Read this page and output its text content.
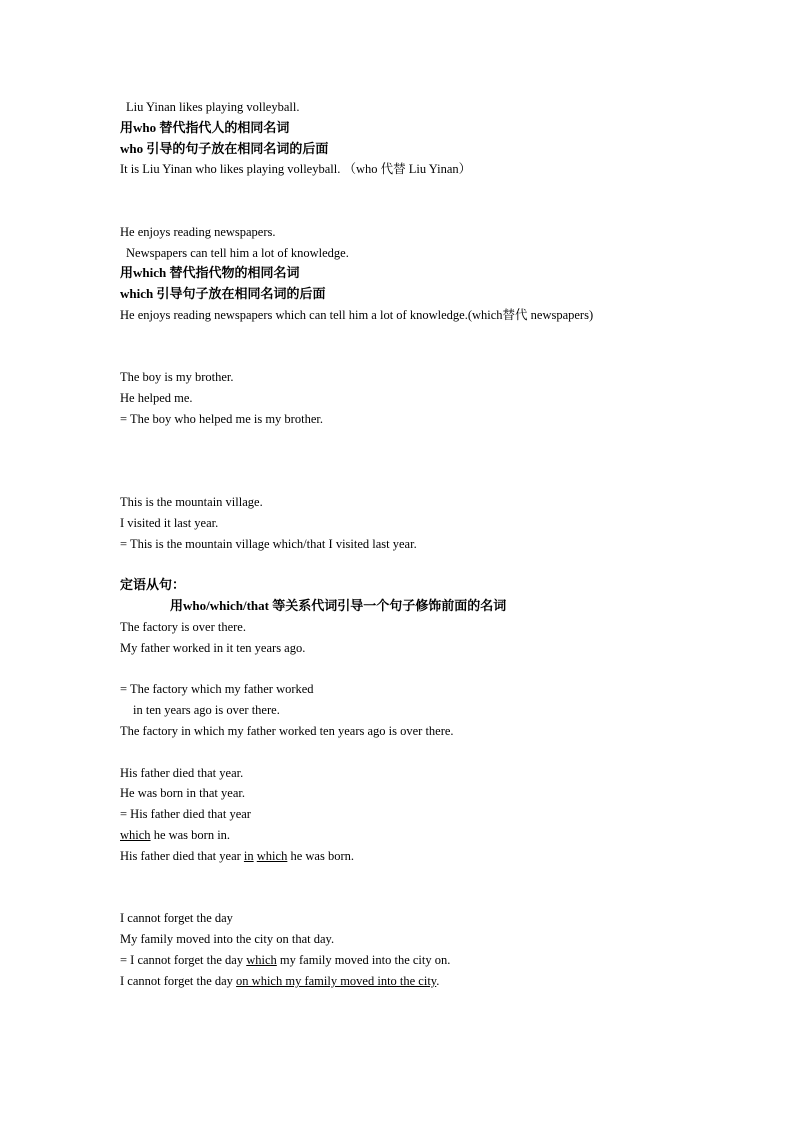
Liu Yinan likes playing volleyball.
用who 替代指代人的相同名词
who 引导的句子放在相同名词的后面
It is Liu Yinan who likes playing volleyball. （who 代替 Liu Yinan）
He enjoys reading newspapers.
Newspapers can tell him a lot of knowledge.
用which 替代指代物的相同名词
which 引导句子放在相同名词的后面
He enjoys reading newspapers which can tell him a lot of knowledge.(which替代 newspapers)
The boy is my brother.
He helped me.
= The boy who helped me is my brother.
This is the mountain village.
I visited it last year.
= This is the mountain village which/that I visited last year.
定语从句：
用who/which/that 等关系代词引导一个句子修饰前面的名词
The factory is over there.
My father worked in it ten years ago.
= The factory which my father worked
in ten years ago is over there.
The factory in which my father worked ten years ago is over there.
His father died that year.
He was born in that year.
= His father died that year
which he was born in.
His father died that year in which he was born.
I cannot forget the day
My family moved into the city on that day.
= I cannot forget the day which my family moved into the city on.
I cannot forget the day on which my family moved into the city.
